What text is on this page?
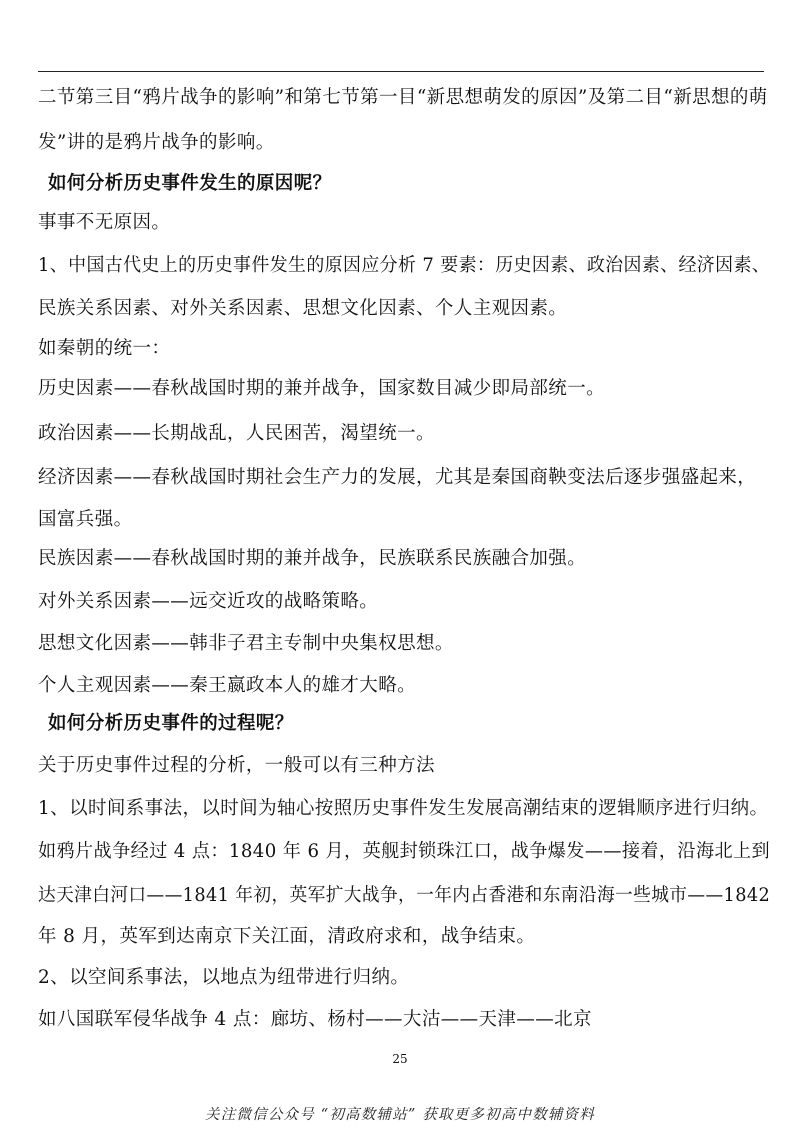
二节第三目“鸦片战争的影响”和第七节第一目“新思想萌发的原因”及第二目“新思想的萌
发”讲的是鸦片战争的影响。
如何分析历史事件发生的原因呢？
事事不无原因。
1、中国古代史上的历史事件发生的原因应分析 7 要素：历史因素、政治因素、经济因素、
民族关系因素、对外关系因素、思想文化因素、个人主观因素。
如秦朝的统一：
历史因素——春秋战国时期的兼并战争，国家数目减少即局部统一。
政治因素——长期战乱，人民困苦，渴望统一。
经济因素——春秋战国时期社会生产力的发展，尤其是秦国商鞅变法后逐步强盛起来，
国富兵强。
民族因素——春秋战国时期的兼并战争，民族联系民族融合加强。
对外关系因素——远交近攻的战略策略。
思想文化因素——韩非子君主专制中央集权思想。
个人主观因素——秦王嬴政本人的雄才大略。
如何分析历史事件的过程呢？
关于历史事件过程的分析，一般可以有三种方法
1、以时间系事法，以时间为轴心按照历史事件发生发展高潮结束的逻辑顺序进行归纳。
如鸦片战争经过 4 点：1840 年 6 月，英舰封锁珠江口，战争爆发——接着，沿海北上到
达天津白河口——1841 年初，英军扩大战争，一年内占香港和东南沿海一些城市——1842
年 8 月，英军到达南京下关江面，清政府求和，战争结束。
2、以空间系事法，以地点为纽带进行归纳。
如八国联军侵华战争 4 点：廊坊、杨村——大沽——天津——北京
25
关注微信公众号 “初高数辅站” 获取更多初高中数辅资料
